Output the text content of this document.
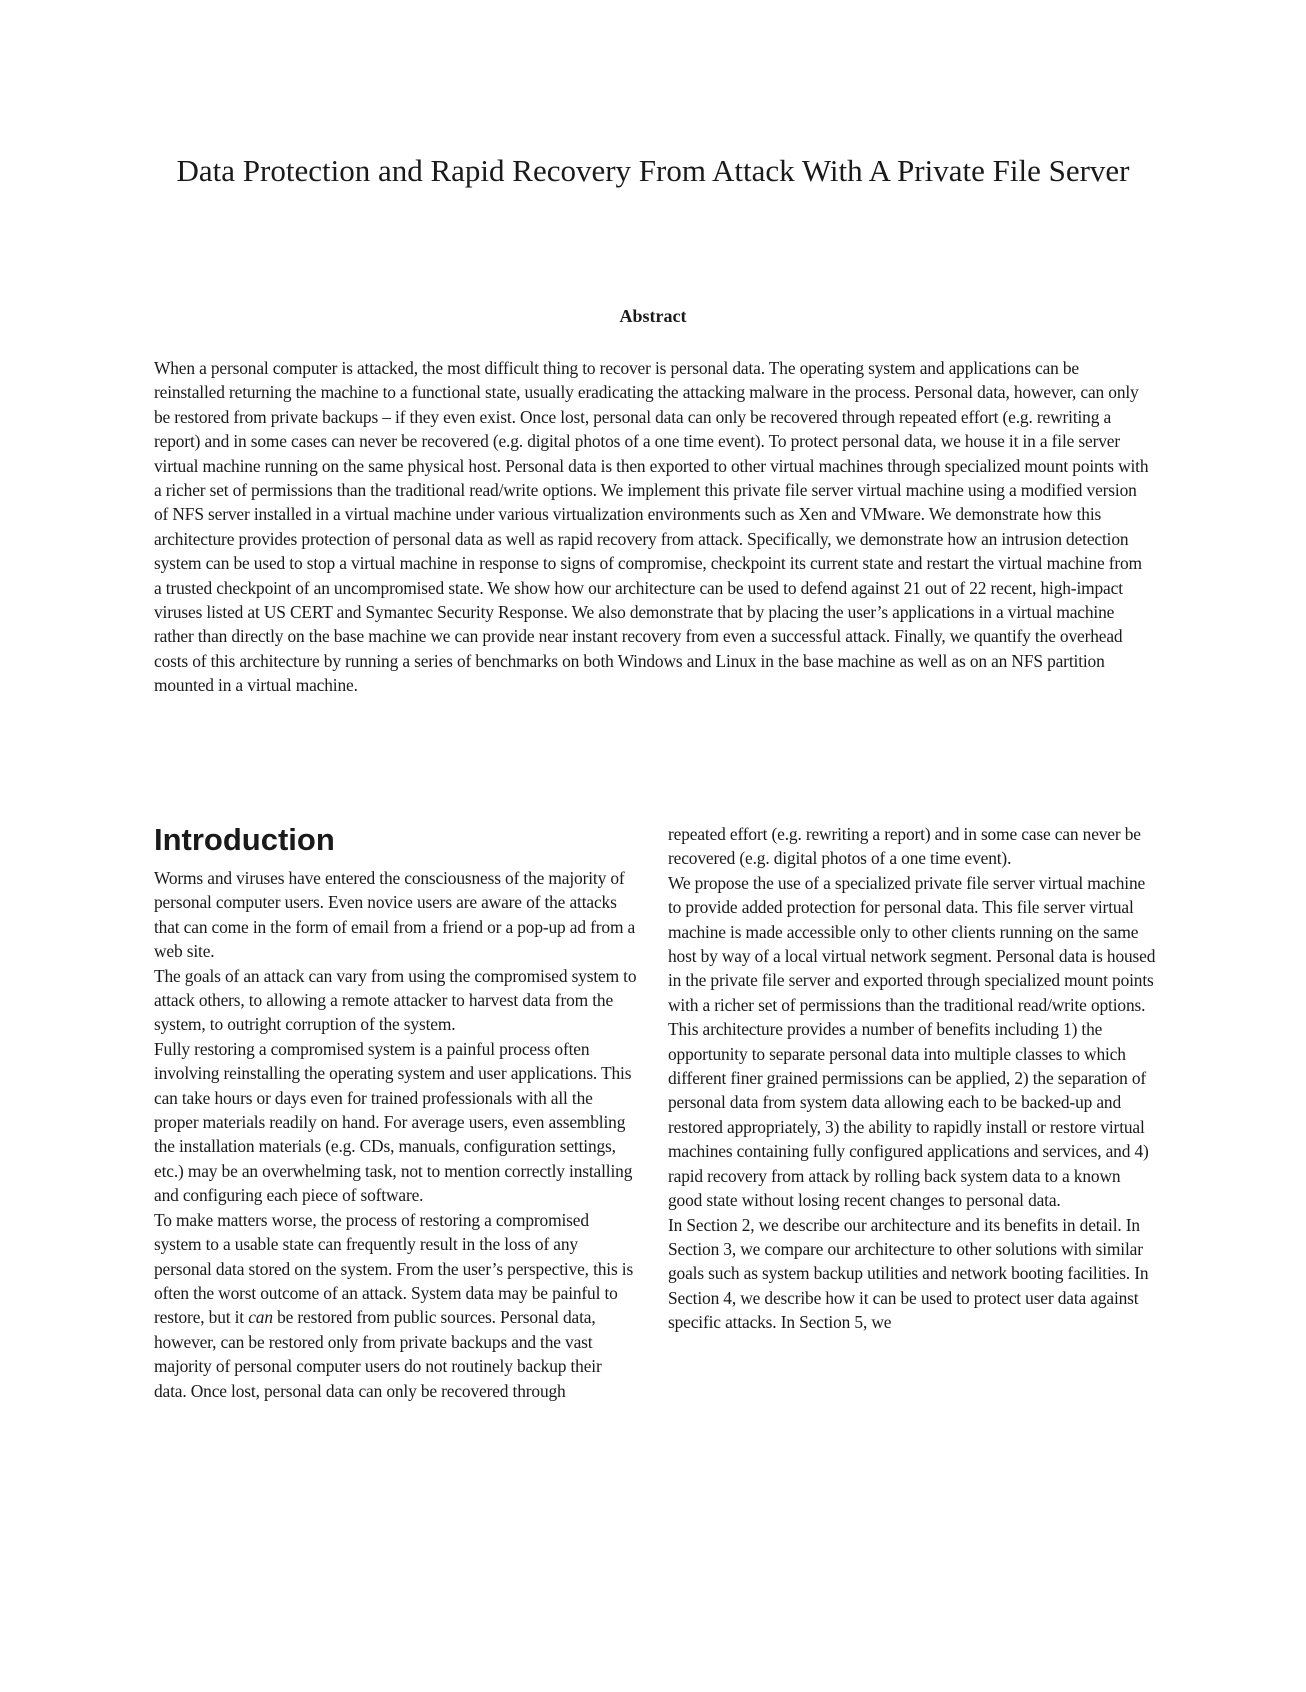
Data Protection and Rapid Recovery From Attack With A Private File Server
Abstract

When a personal computer is attacked, the most difficult thing to recover is personal data. The operating system and applications can be reinstalled returning the machine to a functional state, usually eradicating the attacking malware in the process. Personal data, however, can only be restored from private backups – if they even exist. Once lost, personal data can only be recovered through repeated effort (e.g. rewriting a report) and in some cases can never be recovered (e.g. digital photos of a one time event). To protect personal data, we house it in a file server virtual machine running on the same physical host. Personal data is then exported to other virtual machines through specialized mount points with a richer set of permissions than the traditional read/write options. We implement this private file server virtual machine using a modified version of NFS server installed in a virtual machine under various virtualization environments such as Xen and VMware. We demonstrate how this architecture provides protection of personal data as well as rapid recovery from attack. Specifically, we demonstrate how an intrusion detection system can be used to stop a virtual machine in response to signs of compromise, checkpoint its current state and restart the virtual machine from a trusted checkpoint of an uncompromised state. We show how our architecture can be used to defend against 21 out of 22 recent, high-impact viruses listed at US CERT and Symantec Security Response. We also demonstrate that by placing the user’s applications in a virtual machine rather than directly on the base machine we can provide near instant recovery from even a successful attack. Finally, we quantify the overhead costs of this architecture by running a series of benchmarks on both Windows and Linux in the base machine as well as on an NFS partition mounted in a virtual machine.

Introduction

Worms and viruses have entered the consciousness of the majority of personal computer users. Even novice users are aware of the attacks that can come in the form of email from a friend or a pop-up ad from a web site.

The goals of an attack can vary from using the compromised system to attack others, to allowing a remote attacker to harvest data from the system, to outright corruption of the system.

Fully restoring a compromised system is a painful process often involving reinstalling the operating system and user applications. This can take hours or days even for trained professionals with all the proper materials readily on hand. For average users, even assembling the installation materials (e.g. CDs, manuals, configuration settings, etc.) may be an overwhelming task, not to mention correctly installing and configuring each piece of software.

To make matters worse, the process of restoring a compromised system to a usable state can frequently result in the loss of any personal data stored on the system. From the user’s perspective, this is often the worst outcome of an attack. System data may be painful to restore, but it can be restored from public sources. Personal data, however, can be restored only from private backups and the vast majority of personal computer users do not routinely backup their data. Once lost, personal data can only be recovered through

repeated effort (e.g. rewriting a report) and in some case can never be recovered (e.g. digital photos of a one time event).

We propose the use of a specialized private file server virtual machine to provide added protection for personal data. This file server virtual machine is made accessible only to other clients running on the same host by way of a local virtual network segment. Personal data is housed in the private file server and exported through specialized mount points with a richer set of permissions than the traditional read/write options. This architecture provides a number of benefits including 1) the opportunity to separate personal data into multiple classes to which different finer grained permissions can be applied, 2) the separation of personal data from system data allowing each to be backed-up and restored appropriately, 3) the ability to rapidly install or restore virtual machines containing fully configured applications and services, and 4) rapid recovery from attack by rolling back system data to a known good state without losing recent changes to personal data.

In Section 2, we describe our architecture and its benefits in detail. In Section 3, we compare our architecture to other solutions with similar goals such as system backup utilities and network booting facilities. In Section 4, we describe how it can be used to protect user data against specific attacks. In Section 5, we
